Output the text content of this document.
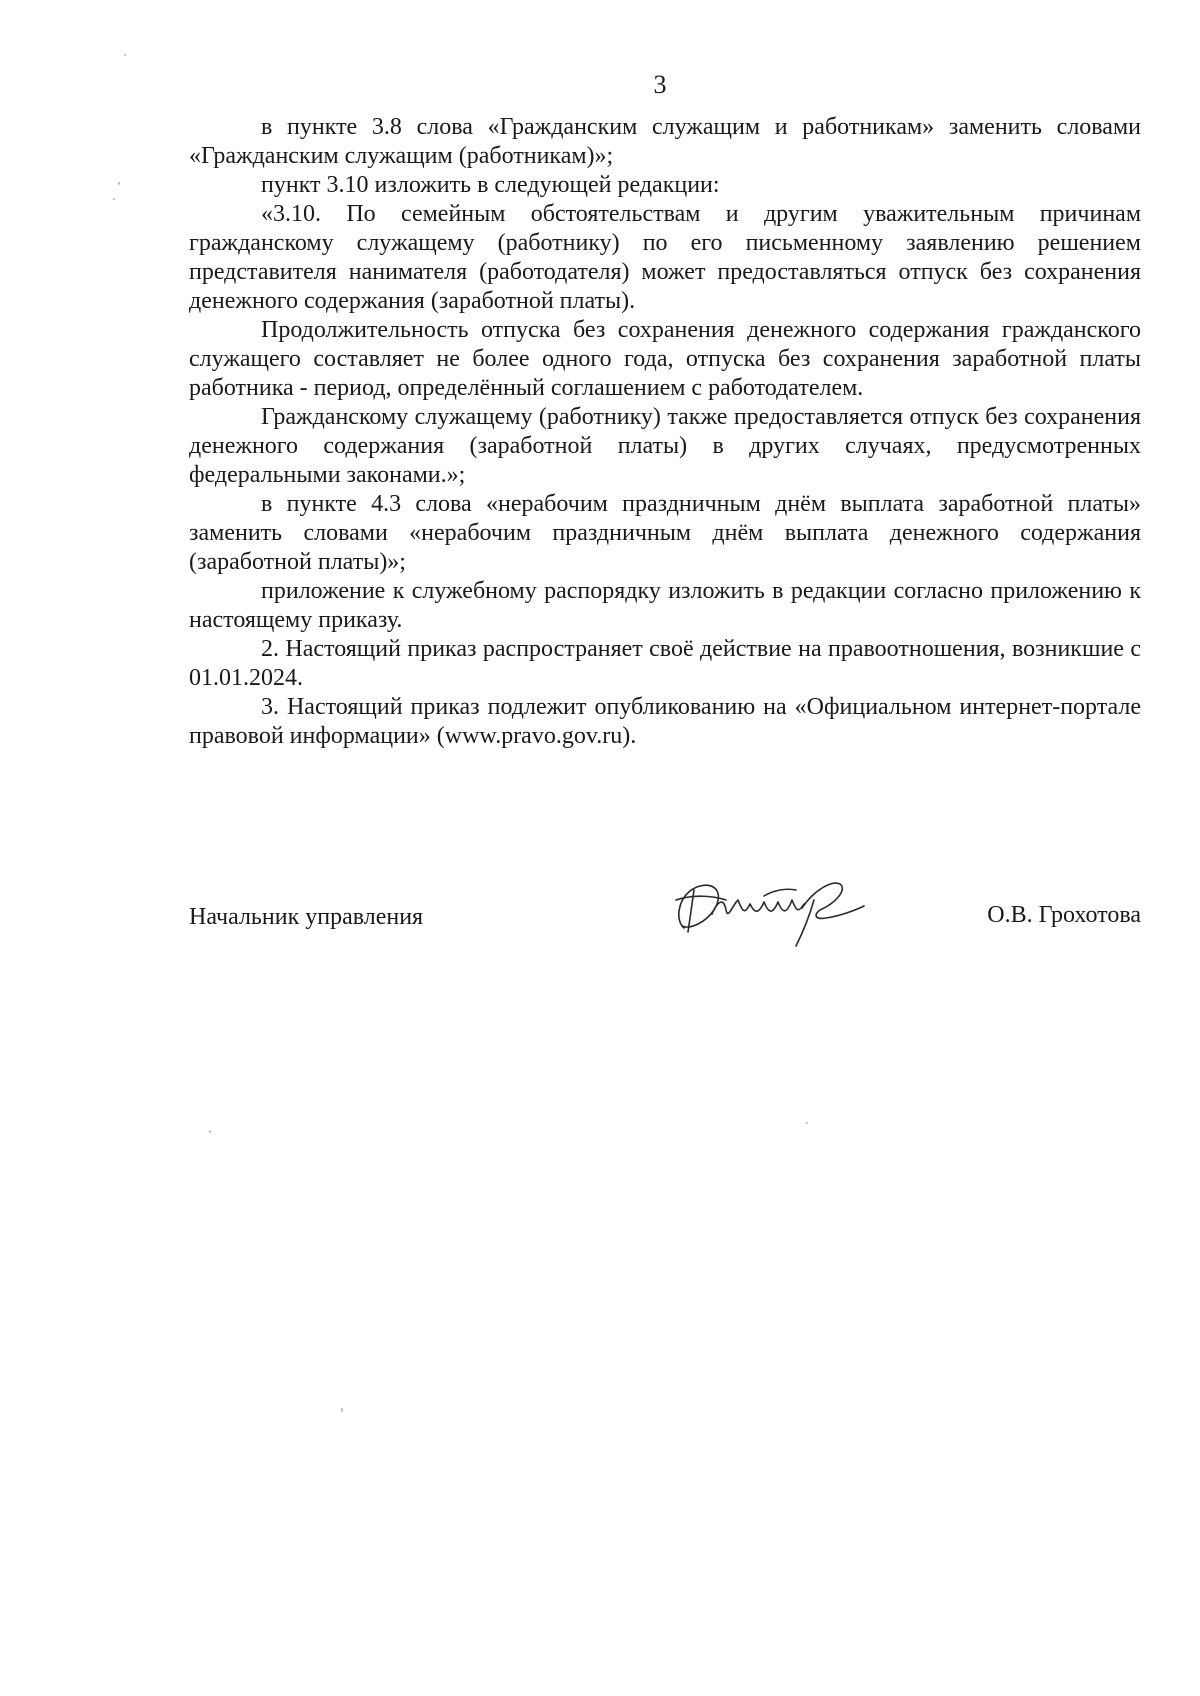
3

в пункте 3.8 слова «Гражданским служащим и работникам» заменить словами «Гражданским служащим (работникам)»;

пункт 3.10 изложить в следующей редакции:

«3.10. По семейным обстоятельствам и другим уважительным причинам гражданскому служащему (работнику) по его письменному заявлению решением представителя нанимателя (работодателя) может предоставляться отпуск без сохранения денежного содержания (заработной платы).

Продолжительность отпуска без сохранения денежного содержания гражданского служащего составляет не более одного года, отпуска без сохранения заработной платы работника - период, определённый соглашением с работодателем.

Гражданскому служащему (работнику) также предоставляется отпуск без сохранения денежного содержания (заработной платы) в других случаях, предусмотренных федеральными законами.»;

в пункте 4.3 слова «нерабочим праздничным днём выплата заработной платы» заменить словами «нерабочим праздничным днём выплата денежного содержания (заработной платы)»;

приложение к служебному распорядку изложить в редакции согласно приложению к настоящему приказу.

2. Настоящий приказ распространяет своё действие на правоотношения, возникшие с 01.01.2024.

3. Настоящий приказ подлежит опубликованию на «Официальном интернет-портале правовой информации» (www.pravo.gov.ru).

Начальник управления	О.В. Грохотова
